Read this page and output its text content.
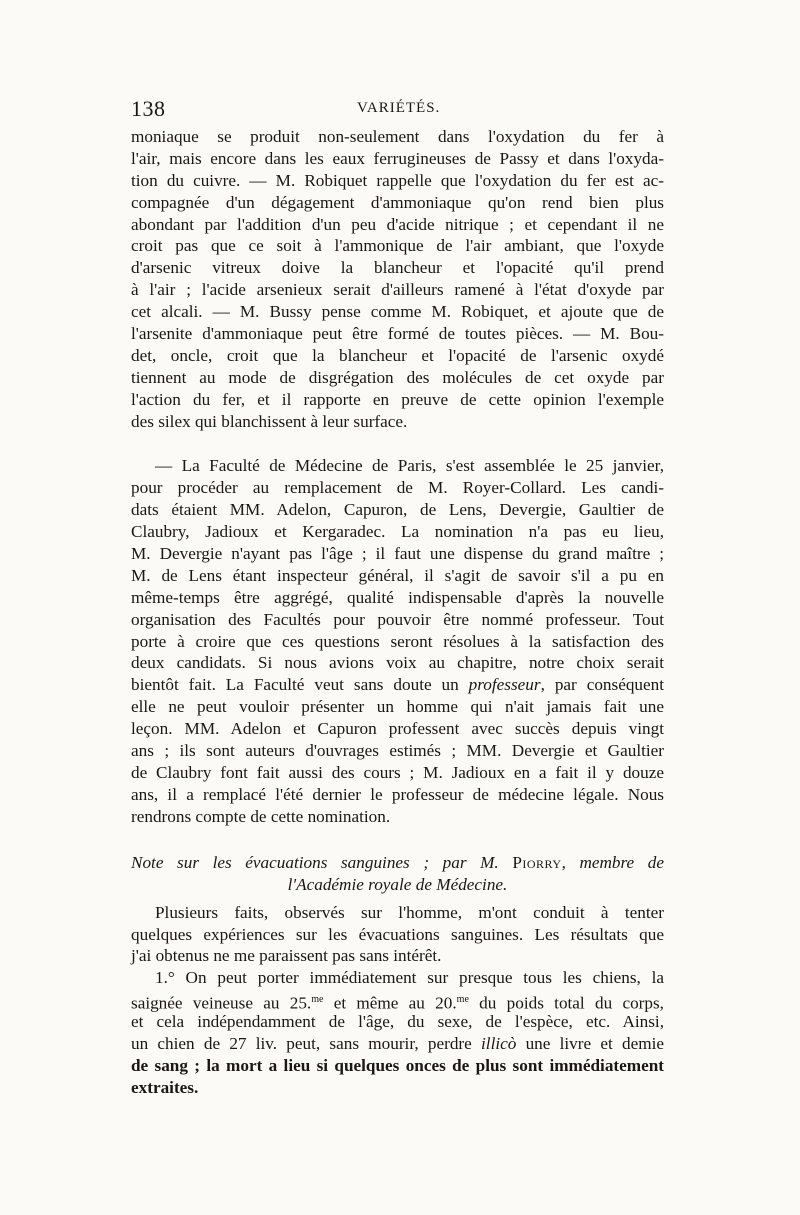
138	VARIÉTÉS.
moniaque se produit non-seulement dans l'oxydation du fer à
l'air, mais encore dans les eaux ferrugineuses de Passy et dans l'oxyda-
tion du cuivre. — M. Robiquet rappelle que l'oxydation du fer est ac-
compagnée d'un dégagement d'ammoniaque qu'on rend bien plus
abondant par l'addition d'un peu d'acide nitrique ; et cependant il ne
croit pas que ce soit à l'ammonique de l'air ambiant, que l'oxyde
d'arsenic vitreux doive la blancheur et l'opacité qu'il prend
à l'air ; l'acide arsenieux serait d'ailleurs ramené à l'état d'oxyde par
cet alcali. — M. Bussy pense comme M. Robiquet, et ajoute que de
l'arsenite d'ammoniaque peut être formé de toutes pièces. — M. Bou-
det, oncle, croit que la blancheur et l'opacité de l'arsenic oxydé
tiennent au mode de disgrégation des molécules de cet oxyde par
l'action du fer, et il rapporte en preuve de cette opinion l'exemple
des silex qui blanchissent à leur surface.
— La Faculté de Médecine de Paris, s'est assemblée le 25 janvier,
pour procéder au remplacement de M. Royer-Collard. Les candi-
dats étaient MM. Adelon, Capuron, de Lens, Devergie, Gaultier de
Claubry, Jadioux et Kergaradec. La nomination n'a pas eu lieu,
M. Devergie n'ayant pas l'âge ; il faut une dispense du grand maître ;
M. de Lens étant inspecteur général, il s'agit de savoir s'il a pu en
même-temps être aggrégé, qualité indispensable d'après la nouvelle
organisation des Facultés pour pouvoir être nommé professeur. Tout
porte à croire que ces questions seront résolues à la satisfaction des
deux candidats. Si nous avions voix au chapitre, notre choix serait
bientôt fait. La Faculté veut sans doute un professeur, par conséquent
elle ne peut vouloir présenter un homme qui n'ait jamais fait une
leçon. MM. Adelon et Capuron professent avec succès depuis vingt
ans ; ils sont auteurs d'ouvrages estimés ; MM. Devergie et Gaultier
de Claubry font fait aussi des cours ; M. Jadioux en a fait il y douze
ans, il a remplacé l'été dernier le professeur de médecine légale. Nous
rendrons compte de cette nomination.
Note sur les évacuations sanguines ; par M. Piorry, membre de
l'Académie royale de Médecine.
Plusieurs faits, observés sur l'homme, m'ont conduit à tenter
quelques expériences sur les évacuations sanguines. Les résultats que
j'ai obtenus ne me paraissent pas sans intérêt.
1.° On peut porter immédiatement sur presque tous les chiens, la
saignée veineuse au 25.$^{me}$ et même au 20.$^{me}$ du poids total du corps,
et cela indépendamment de l'âge, du sexe, de l'espèce, etc. Ainsi,
un chien de 27 liv. peut, sans mourir, perdre illicò une livre et demie
de sang ; la mort a lieu si quelques onces de plus sont immédiatement
extraites.
